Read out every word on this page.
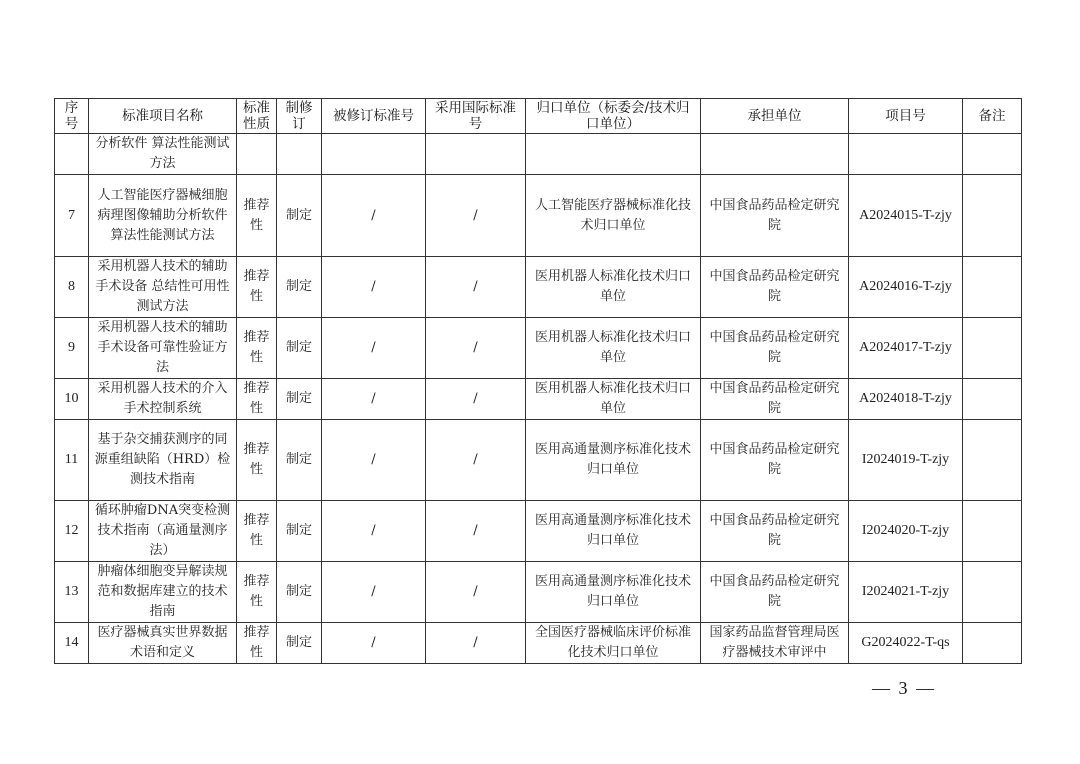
序号	标准项目名称	标准性质	制修订	被修订标准号	采用国际标准号	归口单位（标委会/技术归口单位）	承担单位	项目号	备注
	分析软件 算法性能测试方法								
7	人工智能医疗器械细胞病理图像辅助分析软件 算法性能测试方法	推荐性	制定	/	/	人工智能医疗器械标准化技术归口单位	中国食品药品检定研究院	A2024015-T-zjy	
8	采用机器人技术的辅助手术设备 总结性可用性测试方法	推荐性	制定	/	/	医用机器人标准化技术归口单位	中国食品药品检定研究院	A2024016-T-zjy	
9	采用机器人技术的辅助手术设备可靠性验证方法	推荐性	制定	/	/	医用机器人标准化技术归口单位	中国食品药品检定研究院	A2024017-T-zjy	
10	采用机器人技术的介入手术控制系统	推荐性	制定	/	/	医用机器人标准化技术归口单位	中国食品药品检定研究院	A2024018-T-zjy	
11	基于杂交捕获测序的同源重组缺陷（HRD）检测技术指南	推荐性	制定	/	/	医用高通量测序标准化技术归口单位	中国食品药品检定研究院	I2024019-T-zjy	
12	循环肿瘤DNA突变检测技术指南（高通量测序法）	推荐性	制定	/	/	医用高通量测序标准化技术归口单位	中国食品药品检定研究院	I2024020-T-zjy	
13	肿瘤体细胞变异解读规范和数据库建立的技术指南	推荐性	制定	/	/	医用高通量测序标准化技术归口单位	中国食品药品检定研究院	I2024021-T-zjy	
14	医疗器械真实世界数据 术语和定义	推荐性	制定	/	/	全国医疗器械临床评价标准化技术归口单位	国家药品监督管理局医疗器械技术审评中	G2024022-T-qs	
— 3 —
